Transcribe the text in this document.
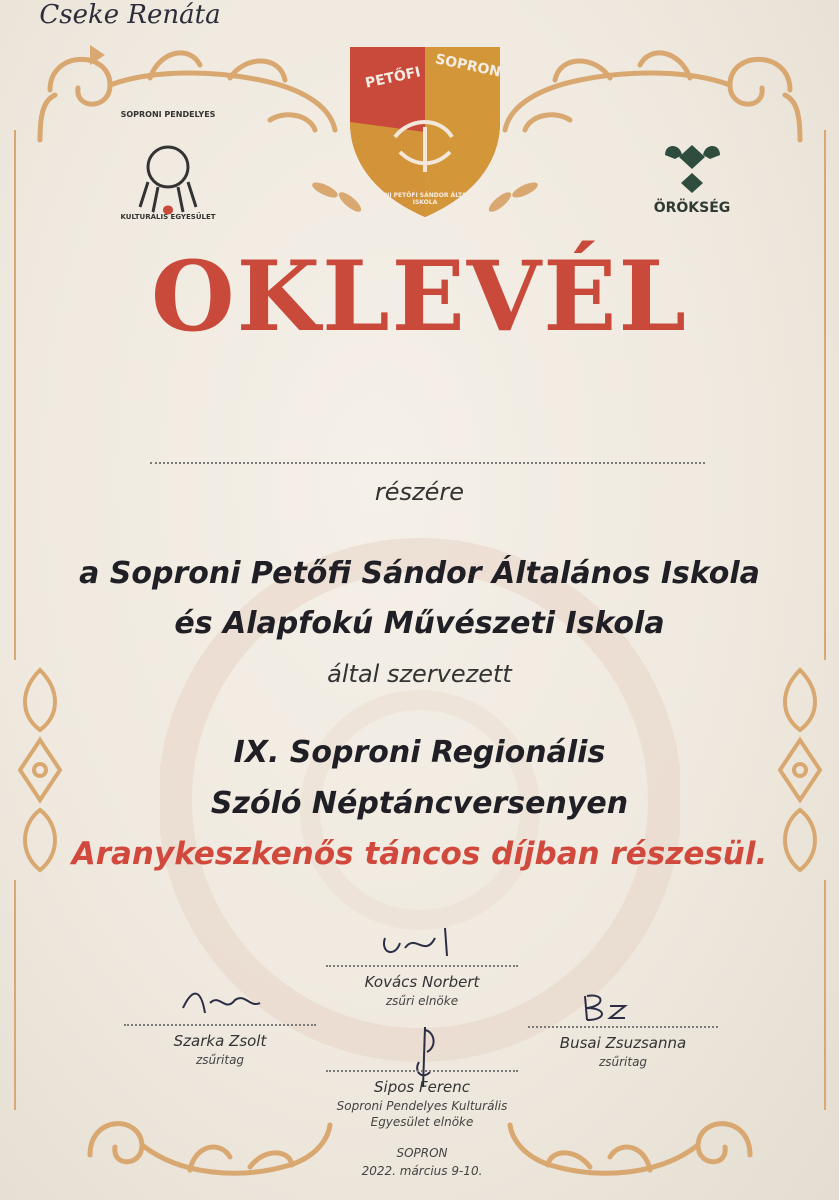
SOPRONI PENDELYES
KULTURÁLIS EGYESÜLET
PETŐFI SOPRON
SOPRONI PETŐFI SÁNDOR ÁLTALÁNOS ISKOLA	ÖRÖKSÉG
OKLEVÉL
Cseke Renáta
részére
a Soproni Petőfi Sándor Általános Iskola
és Alapfokú Művészeti Iskola
által szervezett
IX. Soproni Regionális
Szóló Néptáncversenyen
Aranykeszkenős táncos díjban részesül.
Kovács Norbert
zsűri elnöke
Szarka Zsolt
zsűritag
Busai Zsuzsanna
zsűritag
Sipos Ferenc
Soproni Pendelyes Kulturális
Egyesület elnöke
SOPRON
2022. március 9-10.
